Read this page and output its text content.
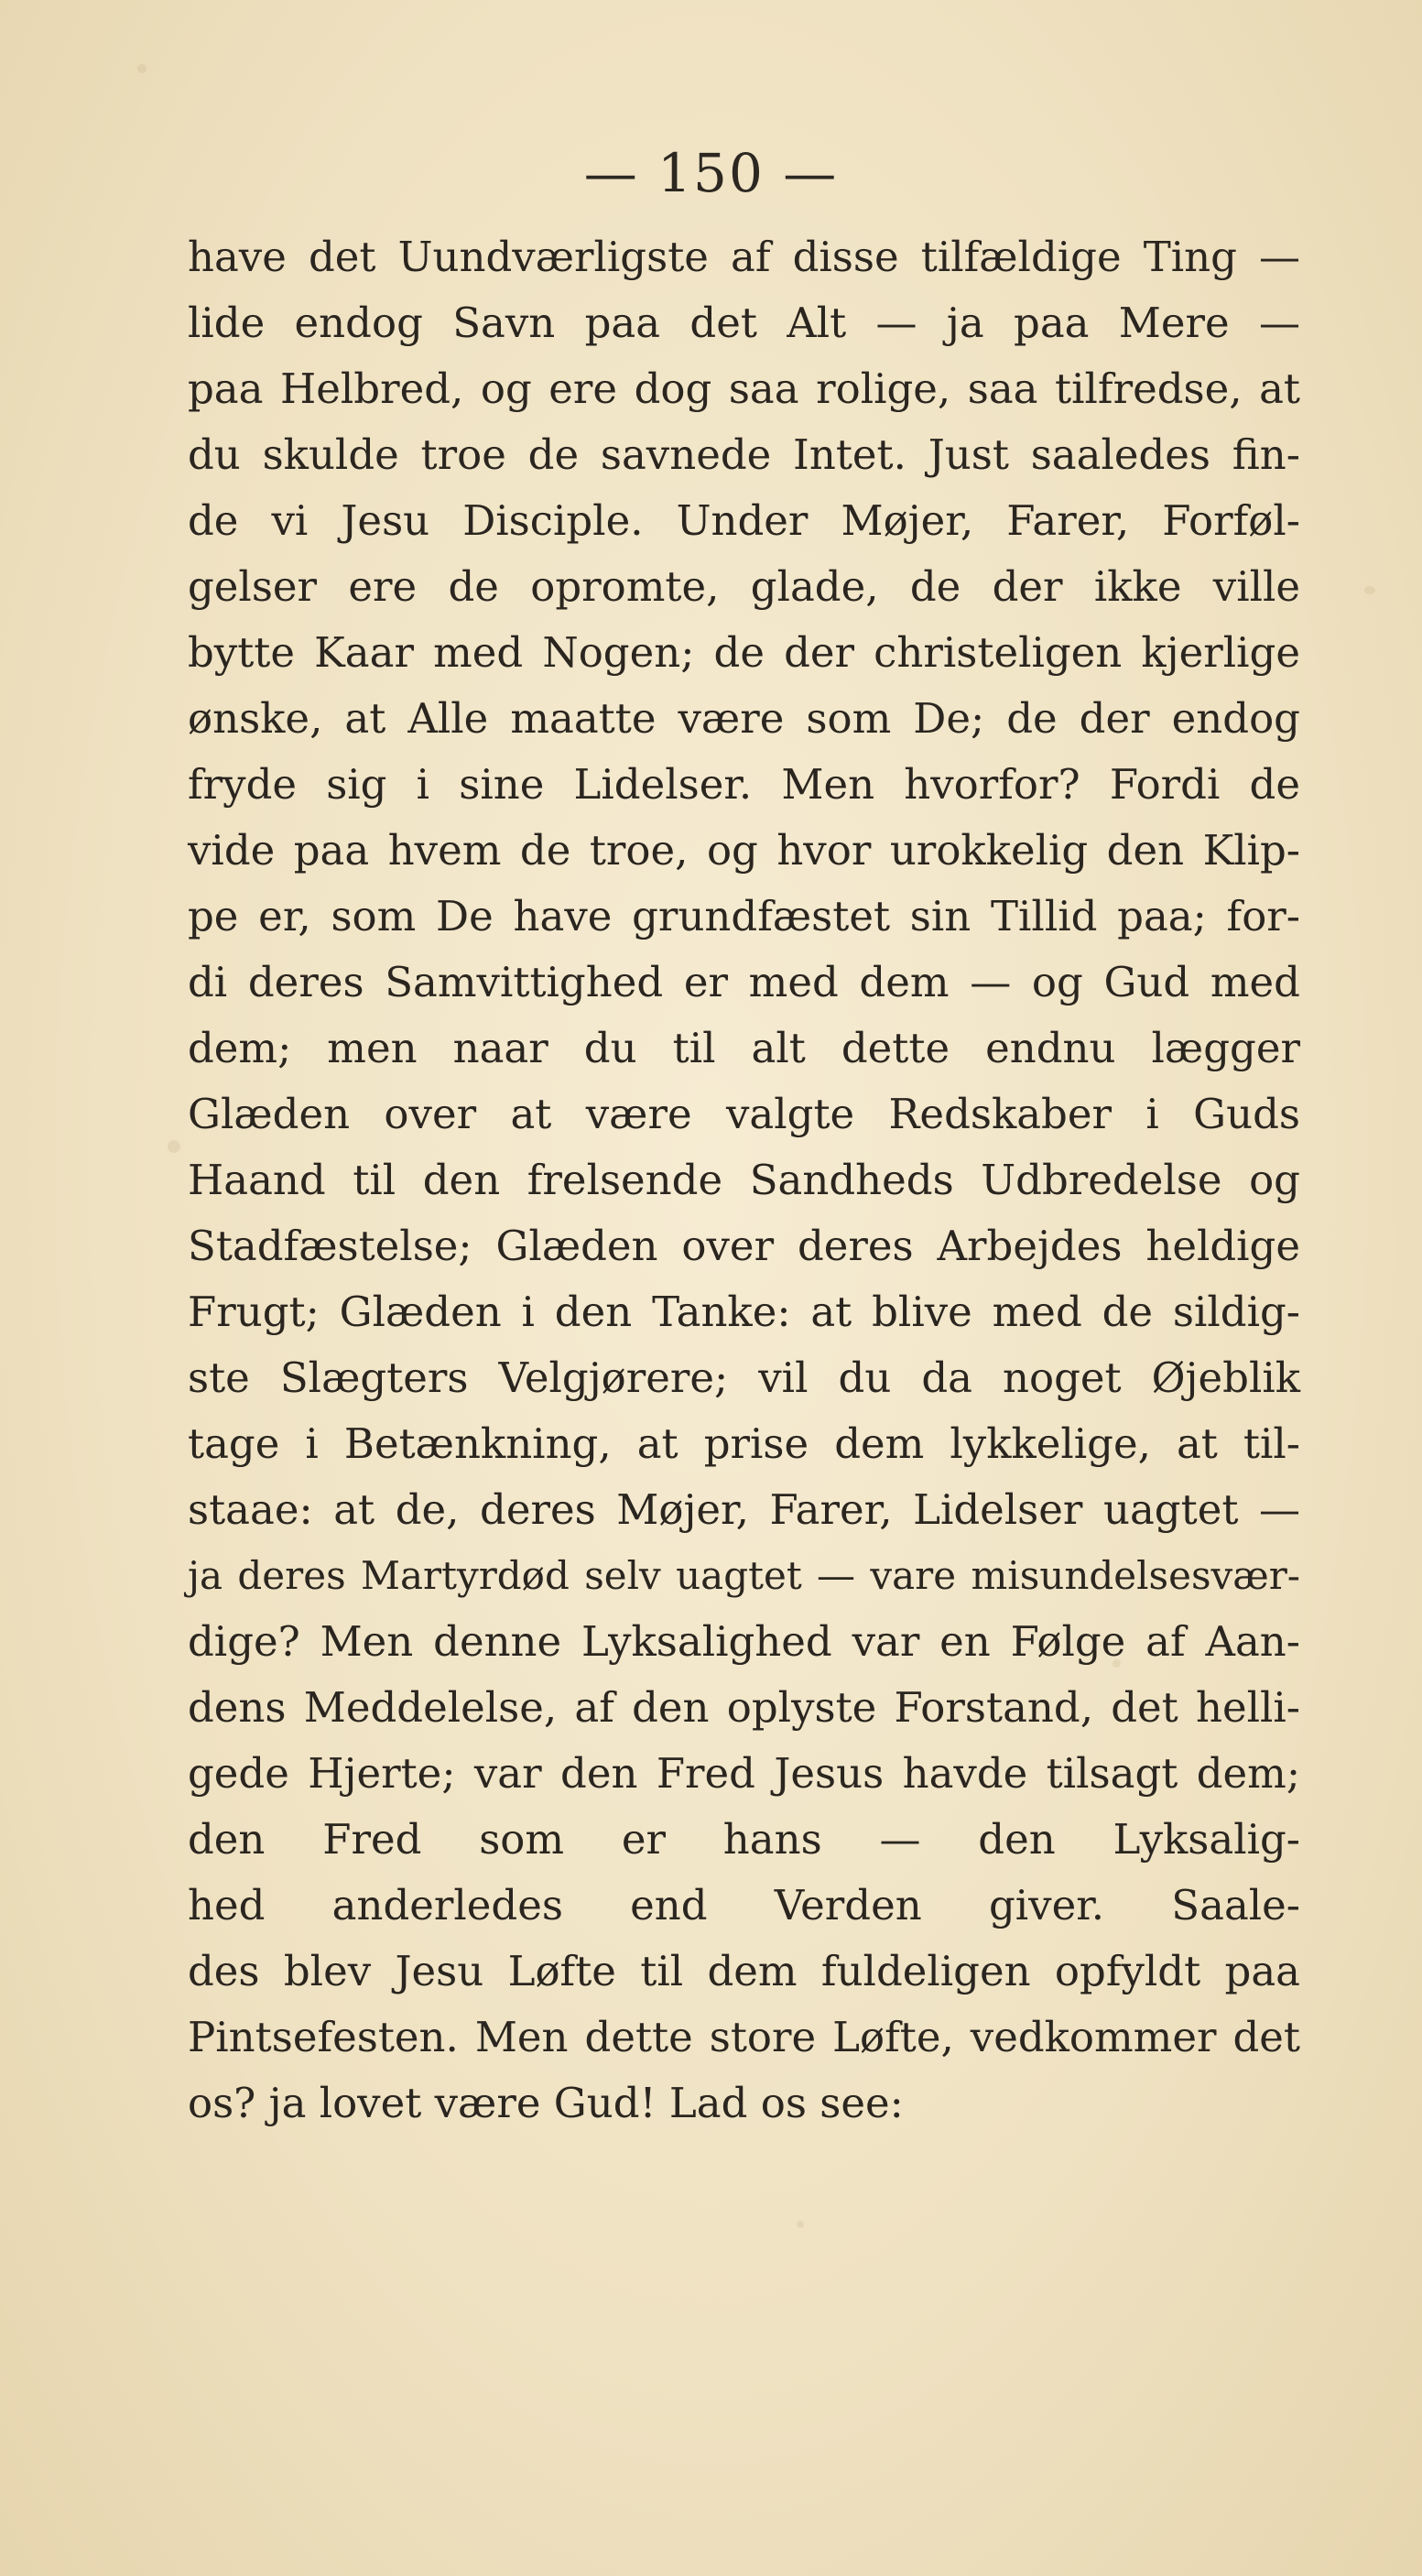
— 150 —
have det Uundværligste af disse tilfældige Ting —
lide endog Savn paa det Alt — ja paa Mere —
paa Helbred, og ere dog saa rolige, saa tilfredse, at
du skulde troe de savnede Intet. Just saaledes fin-
de vi Jesu Disciple. Under Møjer, Farer, Forføl-
gelser ere de opromte, glade, de der ikke ville
bytte Kaar med Nogen; de der christeligen kjerlige
ønske, at Alle maatte være som De; de der endog
fryde sig i sine Lidelser. Men hvorfor? Fordi de
vide paa hvem de troe, og hvor urokkelig den Klip-
pe er, som De have grundfæstet sin Tillid paa; for-
di deres Samvittighed er med dem — og Gud med
dem; men naar du til alt dette endnu lægger
Glæden over at være valgte Redskaber i Guds
Haand til den frelsende Sandheds Udbredelse og
Stadfæstelse; Glæden over deres Arbejdes heldige
Frugt; Glæden i den Tanke: at blive med de sildig-
ste Slægters Velgjørere; vil du da noget Øjeblik
tage i Betænkning, at prise dem lykkelige, at til-
staae: at de, deres Møjer, Farer, Lidelser uagtet —
ja deres Martyrdød selv uagtet — vare misundelsesvær-
dige? Men denne Lyksalighed var en Følge af Aan-
dens Meddelelse, af den oplyste Forstand, det helli-
gede Hjerte; var den Fred Jesus havde tilsagt dem;
den Fred som er hans — den Lyksalig-
hed anderledes end Verden giver. Saale-
des blev Jesu Løfte til dem fuldeligen opfyldt paa
Pintsefesten. Men dette store Løfte, vedkommer det
os? ja lovet være Gud! Lad os see:
